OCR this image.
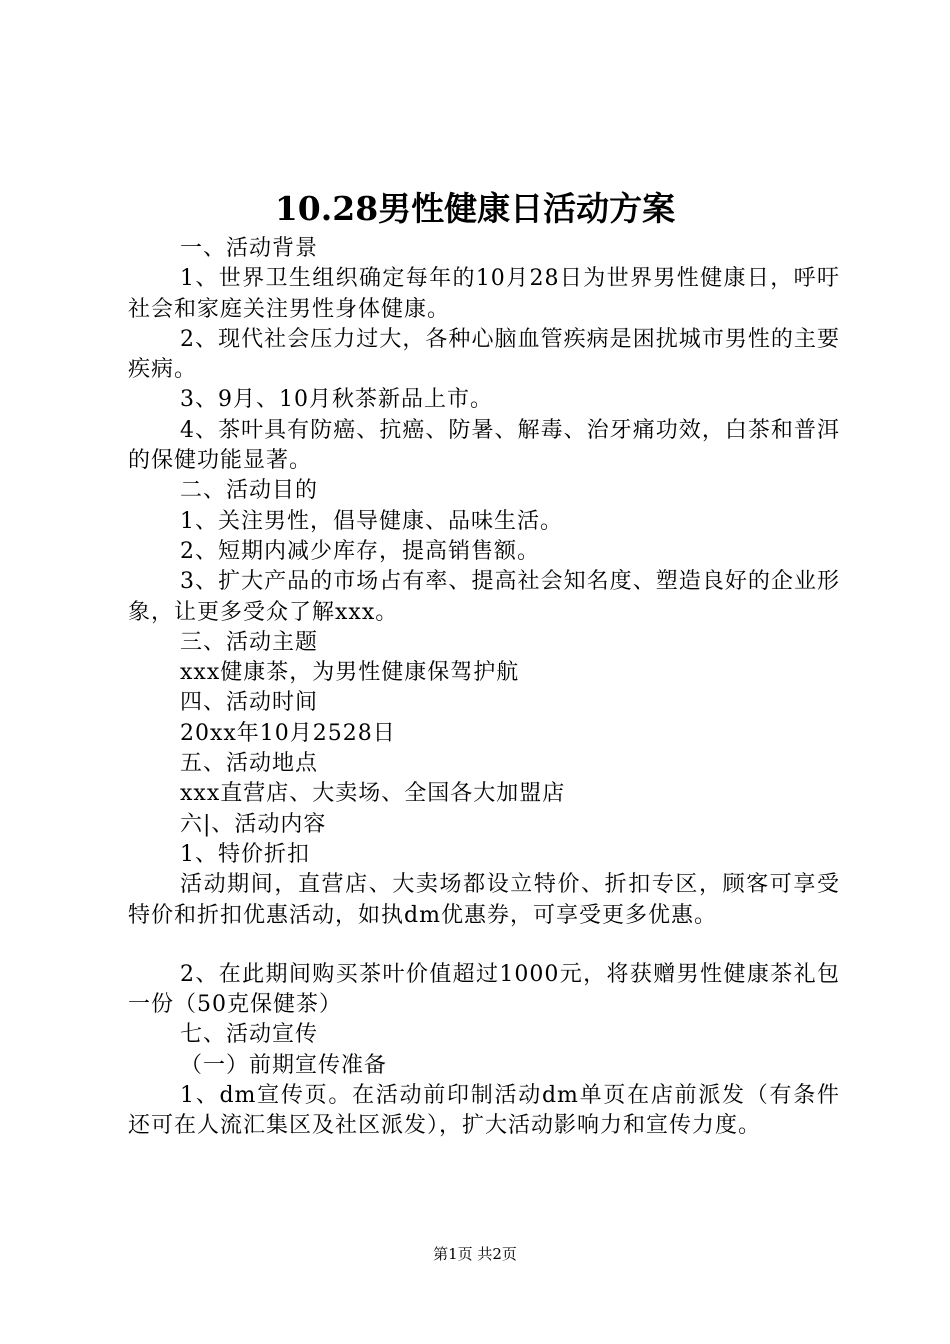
10.28男性健康日活动方案

一、活动背景

1、世界卫生组织确定每年的10月28日为世界男性健康日，呼吁社会和家庭关注男性身体健康。

2、现代社会压力过大，各种心脑血管疾病是困扰城市男性的主要疾病。

3、9月、10月秋茶新品上市。

4、茶叶具有防癌、抗癌、防暑、解毒、治牙痛功效，白茶和普洱的保健功能显著。

二、活动目的

1、关注男性，倡导健康、品味生活。

2、短期内减少库存，提高销售额。

3、扩大产品的市场占有率、提高社会知名度、塑造良好的企业形象，让更多受众了解xxx。

三、活动主题

xxx健康茶，为男性健康保驾护航

四、活动时间

20xx年10月2528日

五、活动地点

xxx直营店、大卖场、全国各大加盟店

六|、活动内容

1、特价折扣

活动期间，直营店、大卖场都设立特价、折扣专区，顾客可享受特价和折扣优惠活动，如执dm优惠券，可享受更多优惠。

2、在此期间购买茶叶价值超过1000元，将获赠男性健康茶礼包一份（50克保健茶）

七、活动宣传

（一）前期宣传准备

1、dm宣传页。在活动前印制活动dm单页在店前派发（有条件还可在人流汇集区及社区派发），扩大活动影响力和宣传力度。

第1页 共2页
